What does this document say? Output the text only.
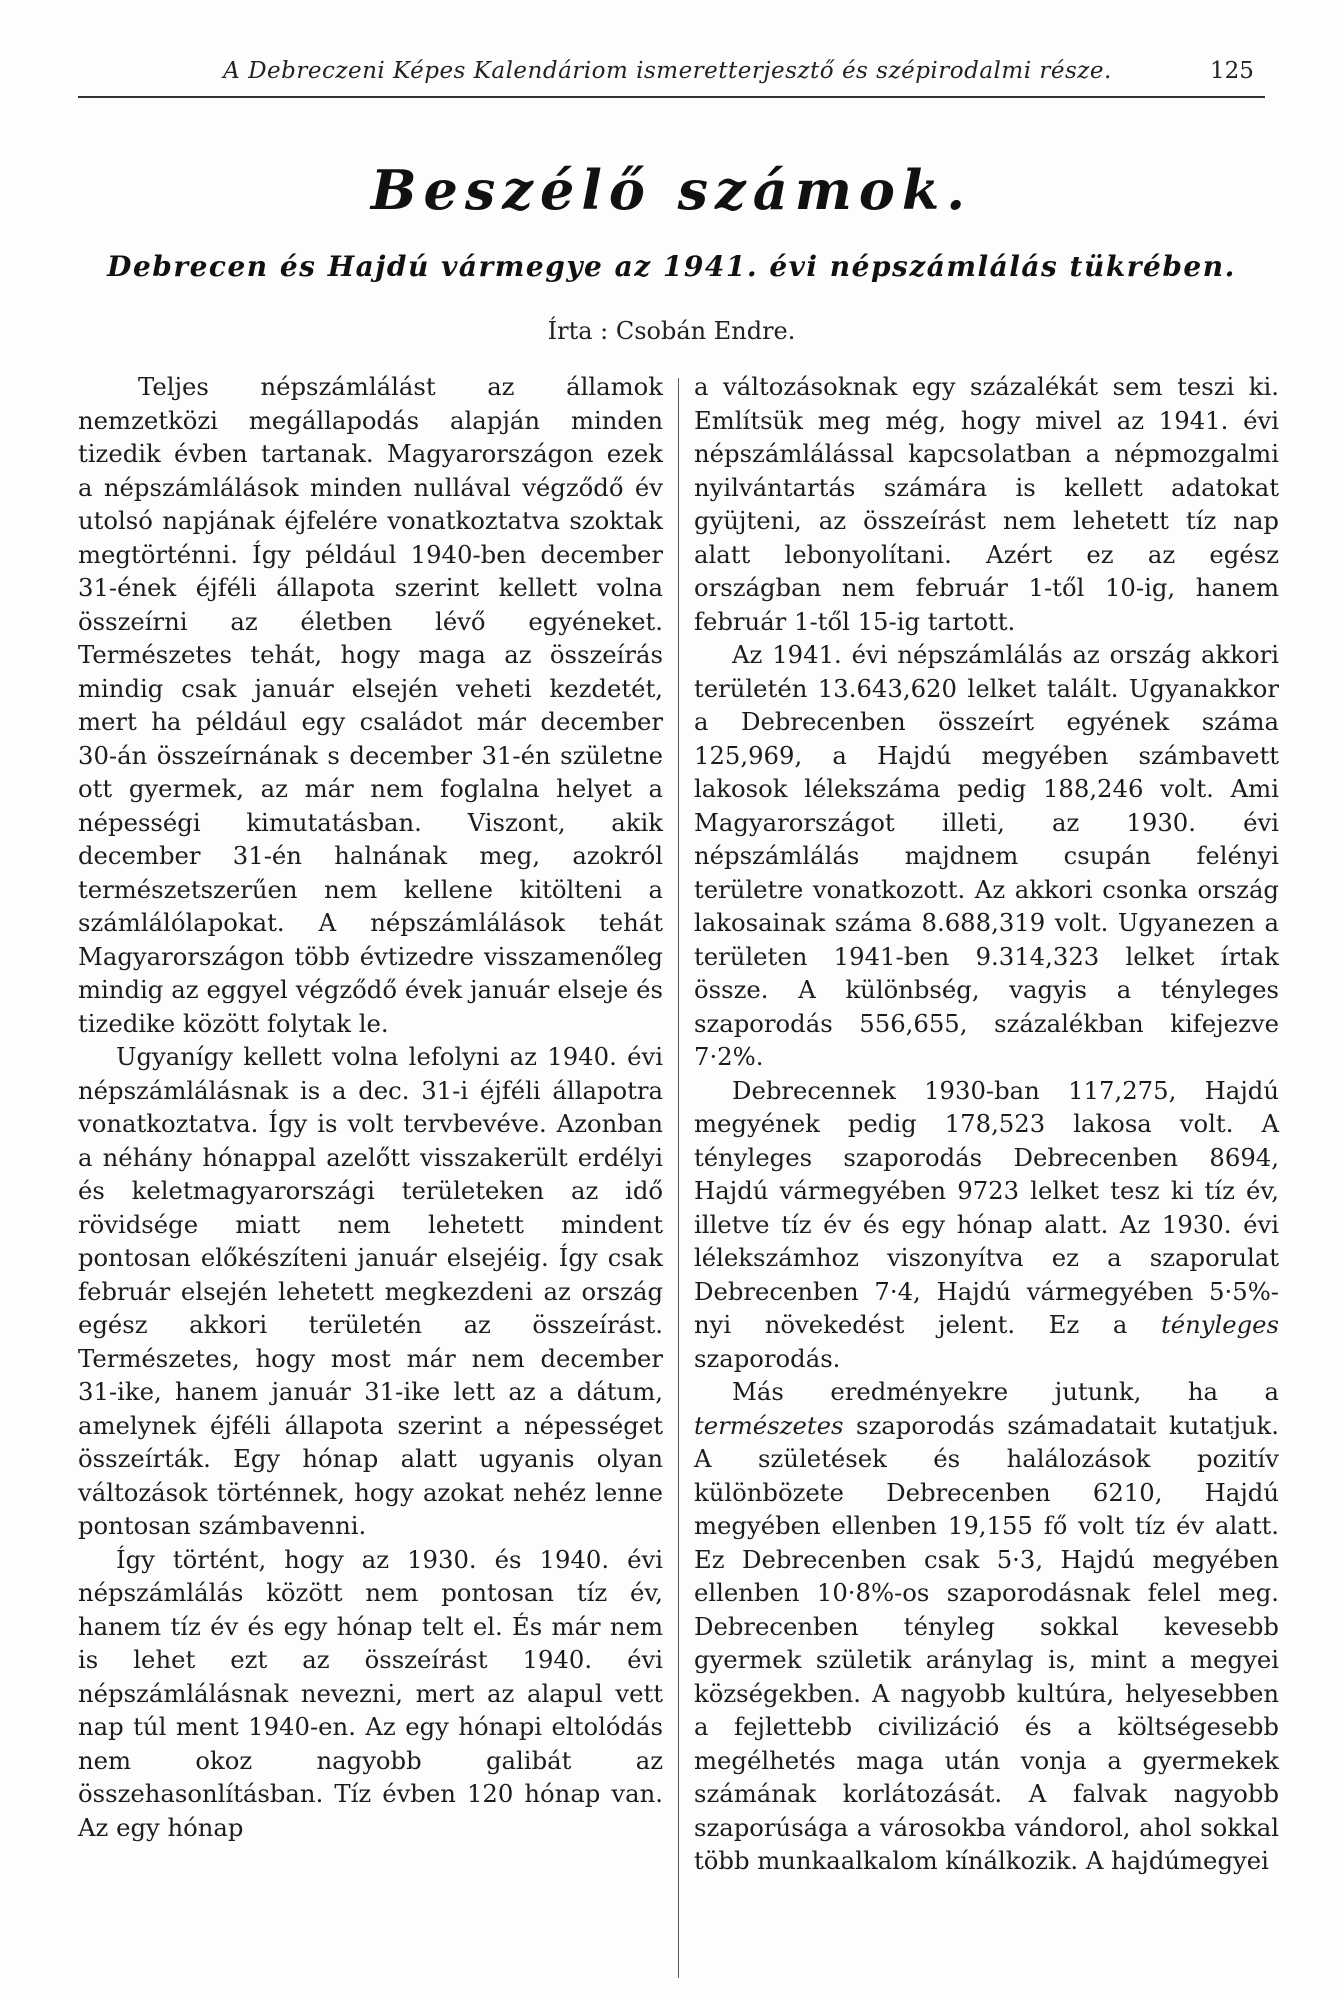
A Debreczeni Képes Kalendáriom ismeretterjesztő és szépirodalmi része.	125
Beszélő számok.
Debrecen és Hajdú vármegye az 1941. évi népszámlálás tükrében.
Írta : Csobán Endre.

Teljes népszámlálást az államok nemzetközi megállapodás alapján minden tizedik évben tartanak. Magyarországon ezek a népszámlálások minden nullával végződő év utolsó napjának éjfelére vonatkoztatva szoktak megtörténni. Így például 1940-ben december 31-ének éjféli állapota szerint kellett volna összeírni az életben lévő egyéneket. Természetes tehát, hogy maga az összeírás mindig csak január elsején veheti kezdetét, mert ha például egy családot már december 30-án összeírnának s december 31-én születne ott gyermek, az már nem foglalna helyet a népességi kimutatásban. Viszont, akik december 31-én halnának meg, azokról természetszerűen nem kellene kitölteni a számlálólapokat. A népszámlálások tehát Magyarországon több évtizedre visszamenőleg mindig az eggyel végződő évek január elseje és tizedike között folytak le.

Ugyanígy kellett volna lefolyni az 1940. évi népszámlálásnak is a dec. 31-i éjféli állapotra vonatkoztatva. Így is volt tervbevéve. Azonban a néhány hónappal azelőtt visszakerült erdélyi és keletmagyarországi területeken az idő rövidsége miatt nem lehetett mindent pontosan előkészíteni január elsejéig. Így csak február elsején lehetett megkezdeni az ország egész akkori területén az összeírást. Természetes, hogy most már nem december 31-ike, hanem január 31-ike lett az a dátum, amelynek éjféli állapota szerint a népességet összeírták. Egy hónap alatt ugyanis olyan változások történnek, hogy azokat nehéz lenne pontosan számbavenni.

Így történt, hogy az 1930. és 1940. évi népszámlálás között nem pontosan tíz év, hanem tíz év és egy hónap telt el. És már nem is lehet ezt az összeírást 1940. évi népszámlálásnak nevezni, mert az alapul vett nap túl ment 1940-en. Az egy hónapi eltolódás nem okoz nagyobb galibát az összehasonlításban. Tíz évben 120 hónap van. Az egy hónap

a változásoknak egy százalékát sem teszi ki. Említsük meg még, hogy mivel az 1941. évi népszámlálással kapcsolatban a népmozgalmi nyilvántartás számára is kellett adatokat gyüjteni, az összeírást nem lehetett tíz nap alatt lebonyolítani. Azért ez az egész országban nem február 1-től 10-ig, hanem február 1-től 15-ig tartott.

Az 1941. évi népszámlálás az ország akkori területén 13.643,620 lelket talált. Ugyanakkor a Debrecenben összeírt egyének száma 125,969, a Hajdú megyében számbavett lakosok lélekszáma pedig 188,246 volt. Ami Magyarországot illeti, az 1930. évi népszámlálás majdnem csupán felényi területre vonatkozott. Az akkori csonka ország lakosainak száma 8.688,319 volt. Ugyanezen a területen 1941-ben 9.314,323 lelket írtak össze. A különbség, vagyis a tényleges szaporodás 556,655, százalékban kifejezve 7·2%.

Debrecennek 1930-ban 117,275, Hajdú megyének pedig 178,523 lakosa volt. A tényleges szaporodás Debrecenben 8694, Hajdú vármegyében 9723 lelket tesz ki tíz év, illetve tíz év és egy hónap alatt. Az 1930. évi lélekszámhoz viszonyítva ez a szaporulat Debrecenben 7·4, Hajdú vármegyében 5·5%-nyi növekedést jelent. Ez a tényleges szaporodás.

Más eredményekre jutunk, ha a természetes szaporodás számadatait kutatjuk. A születések és halálozások pozitív különbözete Debrecenben 6210, Hajdú megyében ellenben 19,155 fő volt tíz év alatt. Ez Debrecenben csak 5·3, Hajdú megyében ellenben 10·8%-os szaporodásnak felel meg. Debrecenben tényleg sokkal kevesebb gyermek születik aránylag is, mint a megyei községekben. A nagyobb kultúra, helyesebben a fejlettebb civilizáció és a költségesebb megélhetés maga után vonja a gyermekek számának korlátozását. A falvak nagyobb szaporúsága a városokba vándorol, ahol sokkal több munkaalkalom kínálkozik. A hajdúmegyei
